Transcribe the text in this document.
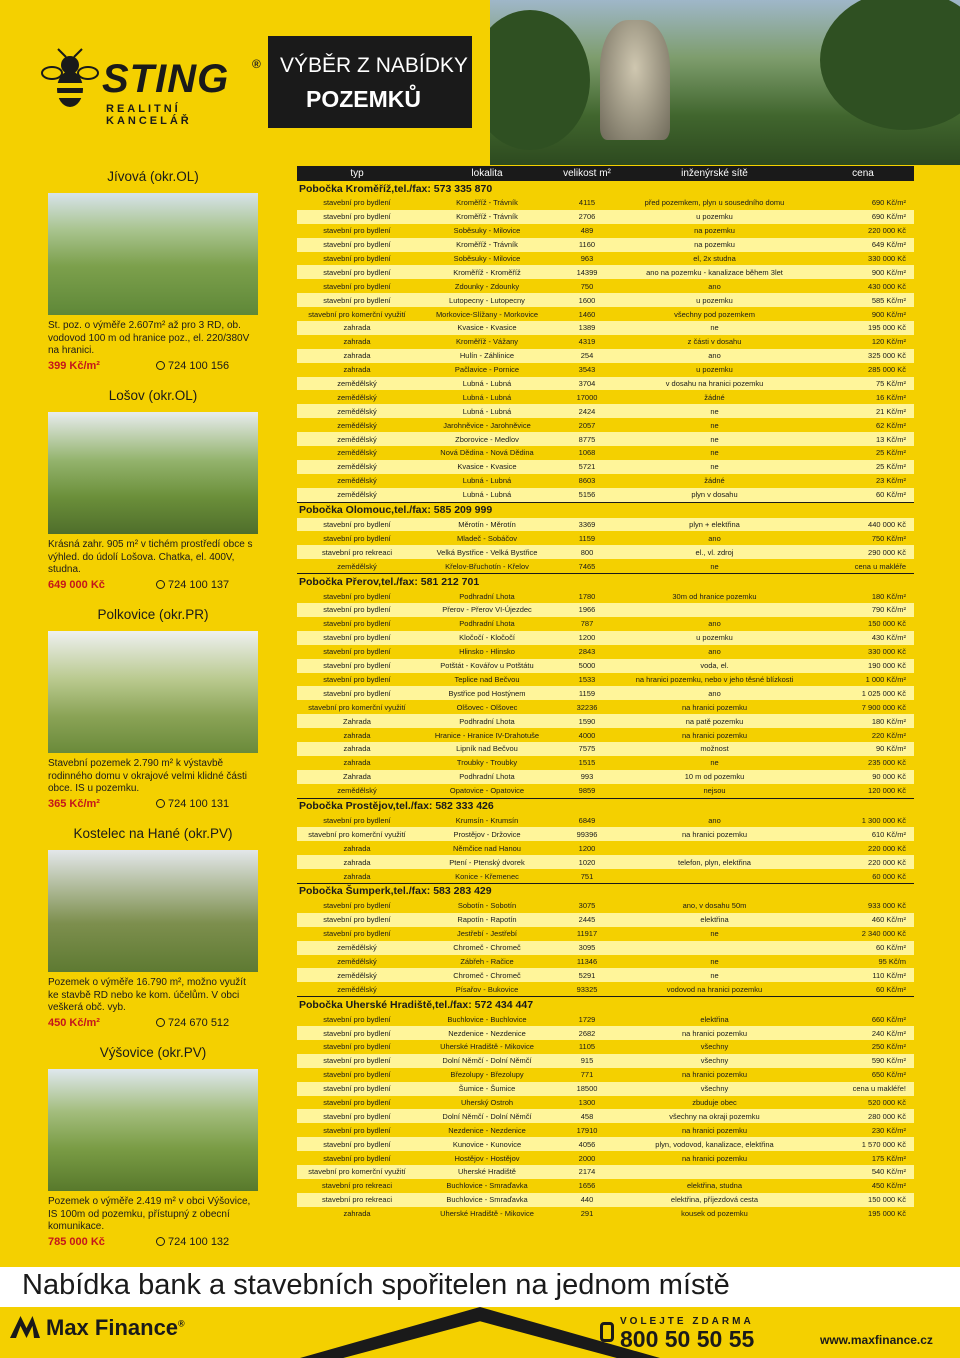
STING ®
REALITNÍ KANCELÁŘ
VÝBĚR Z NABÍDKY
POZEMKŮ
Jívová (okr.OL)
St. poz. o výměře 2.607m² až pro 3 RD, ob. vodovod 100 m od hranice poz., el. 220/380V na hranici.
399 Kč/m²	724 100 156
Lošov (okr.OL)
Krásná zahr. 905 m² v tichém prostředí obce s výhled. do údolí Lošova. Chatka, el. 400V, studna.
649 000 Kč	724 100 137
Polkovice (okr.PR)
Stavební pozemek 2.790 m² k výstavbě rodinného domu v okrajové velmi klidné části obce. IS u pozemku.
365 Kč/m²	724 100 131
Kostelec na Hané (okr.PV)
Pozemek o výměře 16.790 m², možno využít ke stavbě RD nebo ke kom. účelům. V obci veškerá obč. vyb.
450 Kč/m²	724 670 512
Výšovice (okr.PV)
Pozemek o výměře 2.419 m² v obci Výšovice, IS 100m od pozemku, přístupný z obecní komunikace.
785 000 Kč	724 100 132
typ	lokalita	velikost m²	inženýrské sítě	cena
Pobočka Kroměříž,tel./fax: 573 335 870				
stavební pro bydlení	Kroměříž - Trávník	4115	před pozemkem, plyn u sousedního domu	690 Kč/m²
stavební pro bydlení	Kroměříž - Trávník	2706	u pozemku	690 Kč/m²
stavební pro bydlení	Soběsuky - Milovice	489	na pozemku	220 000 Kč
stavební pro bydlení	Kroměříž - Trávník	1160	na pozemku	649 Kč/m²
stavební pro bydlení	Soběsuky - Milovice	963	el, 2x studna	330 000 Kč
stavební pro bydlení	Kroměříž - Kroměříž	14399	ano na pozemku - kanalizace během 3let	900 Kč/m²
stavební pro bydlení	Zdounky - Zdounky	750	ano	430 000 Kč
stavební pro bydlení	Lutopecny - Lutopecny	1600	u pozemku	585 Kč/m²
stavební pro komerční využití	Morkovice-Slížany - Morkovice	1460	všechny pod pozemkem	900 Kč/m²
zahrada	Kvasice - Kvasice	1389	ne	195 000 Kč
zahrada	Kroměříž - Vážany	4319	z části v dosahu	120 Kč/m²
zahrada	Hulín - Záhlinice	254	ano	325 000 Kč
zahrada	Pačlavice - Pornice	3543	u pozemku	285 000 Kč
zemědělský	Lubná - Lubná	3704	v dosahu na hranici pozemku	75 Kč/m²
zemědělský	Lubná - Lubná	17000	žádné	16 Kč/m²
zemědělský	Lubná - Lubná	2424	ne	21 Kč/m²
zemědělský	Jarohněvice - Jarohněvice	2057	ne	62 Kč/m²
zemědělský	Zborovice - Medlov	8775	ne	13 Kč/m²
zemědělský	Nová Dědina - Nová Dědina	1068	ne	25 Kč/m²
zemědělský	Kvasice - Kvasice	5721	ne	25 Kč/m²
zemědělský	Lubná - Lubná	8603	žádné	23 Kč/m²
zemědělský	Lubná - Lubná	5156	plyn v dosahu	60 Kč/m²
Pobočka Olomouc,tel./fax: 585 209 999				
stavební pro bydlení	Měrotín - Měrotín	3369	plyn + elektřina	440 000 Kč
stavební pro bydlení	Mladeč - Sobáčov	1159	ano	750 Kč/m²
stavební pro rekreaci	Velká Bystřice - Velká Bystřice	800	el., vl. zdroj	290 000 Kč
zemědělský	Křelov-Břuchotín - Křelov	7465	ne	cena u makléře
Pobočka Přerov,tel./fax: 581 212 701				
stavební pro bydlení	Podhradní Lhota	1780	30m od hranice pozemku	180 Kč/m²
stavební pro bydlení	Přerov - Přerov VI-Újezdec	1966		790 Kč/m²
stavební pro bydlení	Podhradní Lhota	787	ano	150 000 Kč
stavební pro bydlení	Kločočí - Kločočí	1200	u pozemku	430 Kč/m²
stavební pro bydlení	Hlinsko - Hlinsko	2843	ano	330 000 Kč
stavební pro bydlení	Potštát - Kovářov u Potštátu	5000	voda, el.	190 000 Kč
stavební pro bydlení	Teplice nad Bečvou	1533	na hranici pozemku, nebo v jeho těsné blízkosti	1 000 Kč/m²
stavební pro bydlení	Bystřice pod Hostýnem	1159	ano	1 025 000 Kč
stavební pro komerční využití	Olšovec - Olšovec	32236	na hranici pozemku	7 900 000 Kč
Zahrada	Podhradní Lhota	1590	na patě pozemku	180 Kč/m²
zahrada	Hranice - Hranice IV-Drahotuše	4000	na hranici pozemku	220 Kč/m²
zahrada	Lipník nad Bečvou	7575	možnost	90 Kč/m²
zahrada	Troubky - Troubky	1515	ne	235 000 Kč
Zahrada	Podhradní Lhota	993	10 m od pozemku	90 000 Kč
zemědělský	Opatovice - Opatovice	9859	nejsou	120 000 Kč
Pobočka Prostějov,tel./fax: 582 333 426				
stavební pro bydlení	Krumsín - Krumsín	6849	ano	1 300 000 Kč
stavební pro komerční využití	Prostějov - Držovice	99396	na hranici pozemku	610 Kč/m²
zahrada	Němčice nad Hanou	1200		220 000 Kč
zahrada	Ptení - Ptenský dvorek	1020	telefon, plyn, elektřina	220 000 Kč
zahrada	Konice - Křemenec	751		60 000 Kč
Pobočka Šumperk,tel./fax: 583 283 429				
stavební pro bydlení	Sobotín - Sobotín	3075	ano, v dosahu 50m	933 000 Kč
stavební pro bydlení	Rapotín - Rapotín	2445	elektřina	460 Kč/m²
stavební pro bydlení	Jestřebí - Jestřebí	11917	ne	2 340 000 Kč
zemědělský	Chromeč - Chromeč	3095		60 Kč/m²
zemědělský	Zábřeh - Račice	11346	ne	95 Kč/m
zemědělský	Chromeč - Chromeč	5291	ne	110 Kč/m²
zemědělský	Písařov - Bukovice	93325	vodovod na hranici pozemku	60 Kč/m²
Pobočka Uherské Hradiště,tel./fax: 572 434 447				
stavební pro bydlení	Buchlovice - Buchlovice	1729	elektřina	660 Kč/m²
stavební pro bydlení	Nezdenice - Nezdenice	2682	na hranici pozemku	240 Kč/m²
stavební pro bydlení	Uherské Hradiště - Mikovice	1105	všechny	250 Kč/m²
stavební pro bydlení	Dolní Němčí - Dolní Němčí	915	všechny	590 Kč/m²
stavební pro bydlení	Březolupy - Březolupy	771	na hranici pozemku	650 Kč/m²
stavební pro bydlení	Šumice - Šumice	18500	všechny	cena u makléře!
stavební pro bydlení	Uherský Ostroh	1300	zbuduje obec	520 000 Kč
stavební pro bydlení	Dolní Němčí - Dolní Němčí	458	všechny na okraji pozemku	280 000 Kč
stavební pro bydlení	Nezdenice - Nezdenice	17910	na hranici pozemku	230 Kč/m²
stavební pro bydlení	Kunovice - Kunovice	4056	plyn, vodovod, kanalizace, elektřina	1 570 000 Kč
stavební pro bydlení	Hostějov - Hostějov	2000	na hranici pozemku	175 Kč/m²
stavební pro komerční využití	Uherské Hradiště	2174		540 Kč/m²
stavební pro rekreaci	Buchlovice - Smraďavka	1656	elektřina, studna	450 Kč/m²
stavební pro rekreaci	Buchlovice - Smraďavka	440	elektřina, příjezdová cesta	150 000 Kč
zahrada	Uherské Hradiště - Mikovice	291	kousek od pozemku	195 000 Kč
Nabídka bank a stavebních spořitelen na jednom místě
Max Finance®	VOLEJTE ZDARMA
800 50 50 55	www.maxfinance.cz
